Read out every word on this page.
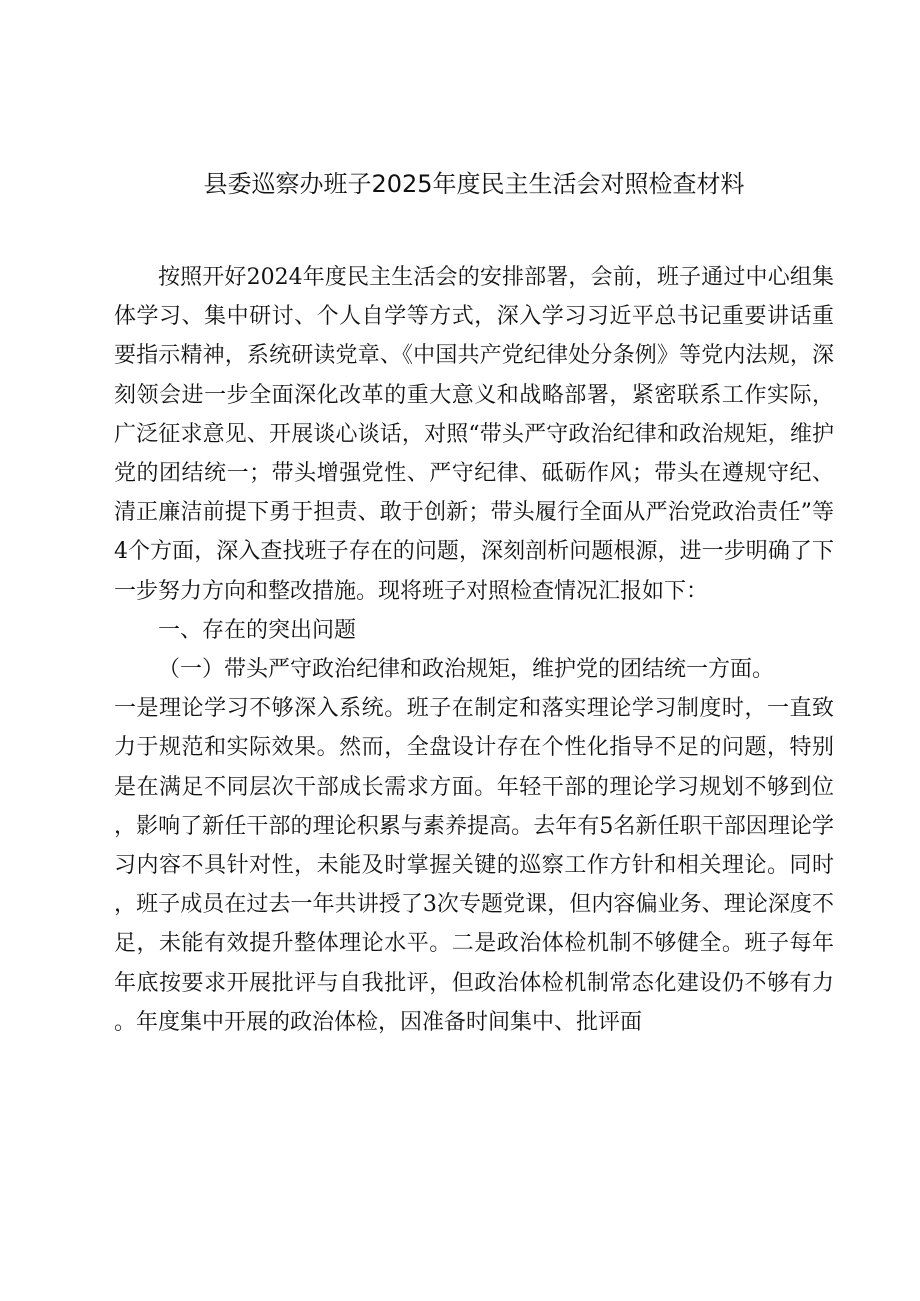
县委巡察办班子2025年度民主生活会对照检查材料

按照开好2024年度民主生活会的安排部署，会前，班子通过中心组集体学习、集中研讨、个人自学等方式，深入学习习近平总书记重要讲话重要指示精神，系统研读党章、《中国共产党纪律处分条例》等党内法规，深刻领会进一步全面深化改革的重大意义和战略部署，紧密联系工作实际，广泛征求意见、开展谈心谈话，对照“带头严守政治纪律和政治规矩，维护党的团结统一；带头增强党性、严守纪律、砥砺作风；带头在遵规守纪、清正廉洁前提下勇于担责、敢于创新；带头履行全面从严治党政治责任”等4个方面，深入查找班子存在的问题，深刻剖析问题根源，进一步明确了下一步努力方向和整改措施。现将班子对照检查情况汇报如下：

一、存在的突出问题

（一）带头严守政治纪律和政治规矩，维护党的团结统一方面。

一是理论学习不够深入系统。班子在制定和落实理论学习制度时，一直致力于规范和实际效果。然而，全盘设计存在个性化指导不足的问题，特别是在满足不同层次干部成长需求方面。年轻干部的理论学习规划不够到位，影响了新任干部的理论积累与素养提高。去年有5名新任职干部因理论学习内容不具针对性，未能及时掌握关键的巡察工作方针和相关理论。同时，班子成员在过去一年共讲授了3次专题党课，但内容偏业务、理论深度不足，未能有效提升整体理论水平。二是政治体检机制不够健全。班子每年年底按要求开展批评与自我批评，但政治体检机制常态化建设仍不够有力。年度集中开展的政治体检，因准备时间集中、批评面
